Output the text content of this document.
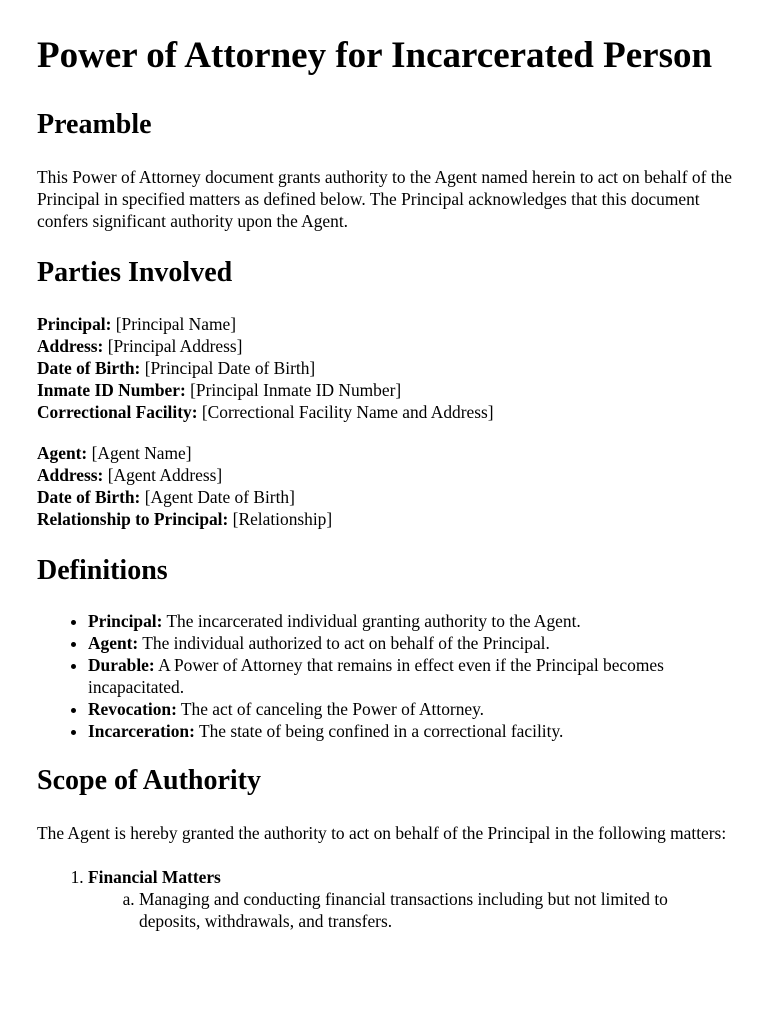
Power of Attorney for Incarcerated Person
Preamble

This Power of Attorney document grants authority to the Agent named herein to act on behalf of the Principal in specified matters as defined below. The Principal acknowledges that this document confers significant authority upon the Agent.

Parties Involved
Principal: [Principal Name]
Address: [Principal Address]
Date of Birth: [Principal Date of Birth]
Inmate ID Number: [Principal Inmate ID Number]
Correctional Facility: [Correctional Facility Name and Address]
Agent: [Agent Name]
Address: [Agent Address]
Date of Birth: [Agent Date of Birth]
Relationship to Principal: [Relationship]
Definitions
• Principal: The incarcerated individual granting authority to the Agent.
• Agent: The individual authorized to act on behalf of the Principal.
• Durable: A Power of Attorney that remains in effect even if the Principal becomes incapacitated.
• Revocation: The act of canceling the Power of Attorney.
• Incarceration: The state of being confined in a correctional facility.
Scope of Authority

The Agent is hereby granted the authority to act on behalf of the Principal in the following matters:

1. Financial Matters
a. Managing and conducting financial transactions including but not limited to deposits, withdrawals, and transfers.
